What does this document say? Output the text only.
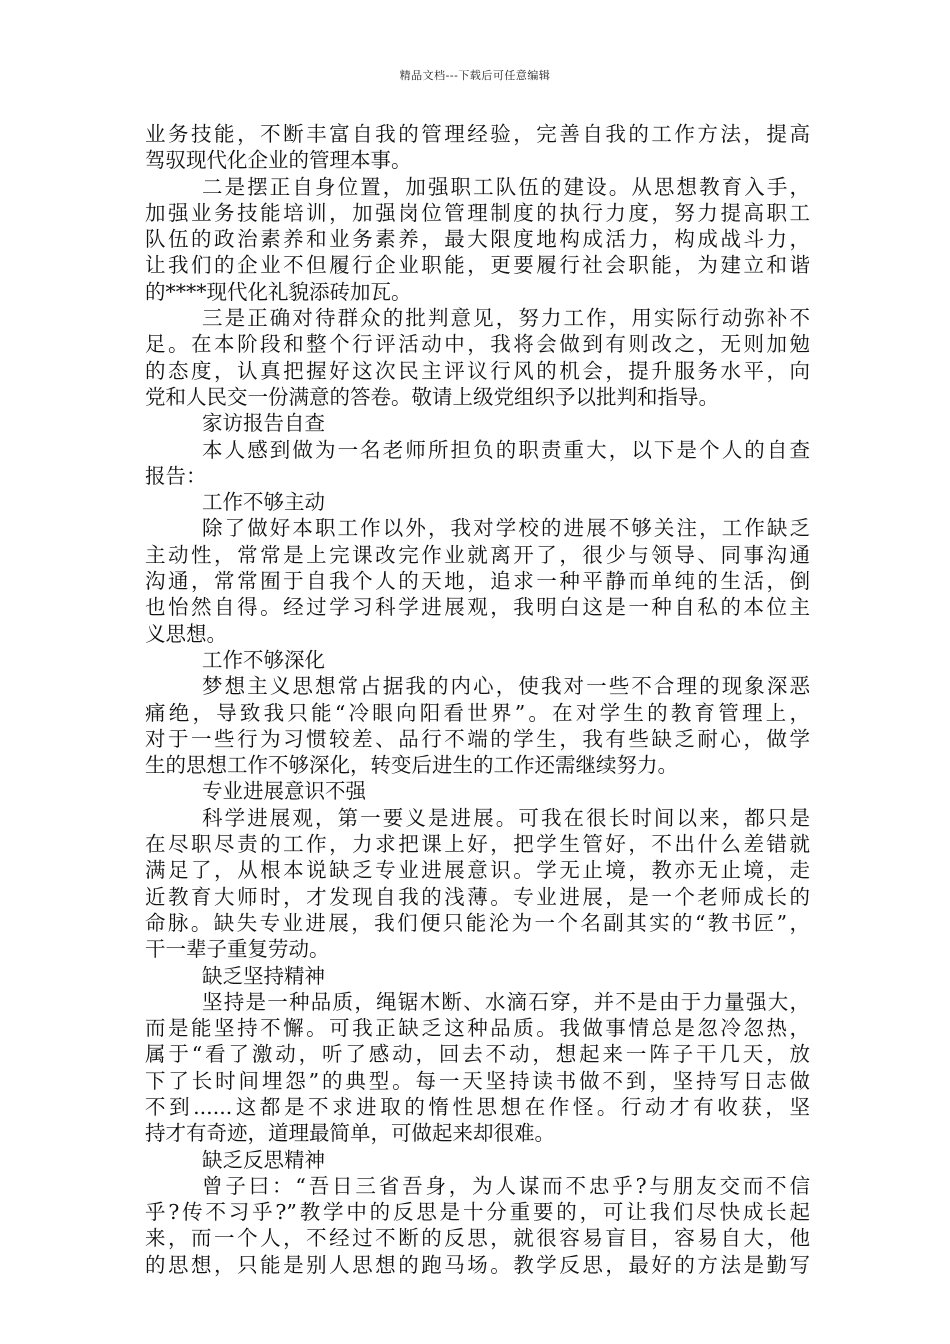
精品文档---下载后可任意编辑
业务技能，不断丰富自我的管理经验，完善自我的工作方法，提高
驾驭现代化企业的管理本事。
二是摆正自身位置，加强职工队伍的建设。从思想教育入手，
加强业务技能培训，加强岗位管理制度的执行力度，努力提高职工
队伍的政治素养和业务素养，最大限度地构成活力，构成战斗力，
让我们的企业不但履行企业职能，更要履行社会职能，为建立和谐
的****现代化礼貌添砖加瓦。
三是正确对待群众的批判意见，努力工作，用实际行动弥补不
足。在本阶段和整个行评活动中，我将会做到有则改之，无则加勉
的态度，认真把握好这次民主评议行风的机会，提升服务水平，向
党和人民交一份满意的答卷。敬请上级党组织予以批判和指导。
家访报告自查
本人感到做为一名老师所担负的职责重大，以下是个人的自查
报告：
工作不够主动
除了做好本职工作以外，我对学校的进展不够关注，工作缺乏
主动性，常常是上完课改完作业就离开了，很少与领导、同事沟通
沟通，常常囿于自我个人的天地，追求一种平静而单纯的生活，倒
也怡然自得。经过学习科学进展观，我明白这是一种自私的本位主
义思想。
工作不够深化
梦想主义思想常占据我的内心，使我对一些不合理的现象深恶
痛绝，导致我只能“冷眼向阳看世界”。在对学生的教育管理上，
对于一些行为习惯较差、品行不端的学生，我有些缺乏耐心，做学
生的思想工作不够深化，转变后进生的工作还需继续努力。
专业进展意识不强
科学进展观，第一要义是进展。可我在很长时间以来，都只是
在尽职尽责的工作，力求把课上好，把学生管好，不出什么差错就
满足了，从根本说缺乏专业进展意识。学无止境，教亦无止境，走
近教育大师时，才发现自我的浅薄。专业进展，是一个老师成长的
命脉。缺失专业进展，我们便只能沦为一个名副其实的“教书匠”，
干一辈子重复劳动。
缺乏坚持精神
坚持是一种品质，绳锯木断、水滴石穿，并不是由于力量强大，
而是能坚持不懈。可我正缺乏这种品质。我做事情总是忽冷忽热，
属于“看了激动，听了感动，回去不动，想起来一阵子干几天，放
下了长时间埋怨”的典型。每一天坚持读书做不到，坚持写日志做
不到......这都是不求进取的惰性思想在作怪。行动才有收获，坚
持才有奇迹，道理最简单，可做起来却很难。
缺乏反思精神
曾子曰：“吾日三省吾身，为人谋而不忠乎?与朋友交而不信
乎?传不习乎?”教学中的反思是十分重要的，可让我们尽快成长起
来，而一个人，不经过不断的反思，就很容易盲目，容易自大，他
的思想，只能是别人思想的跑马场。教学反思，最好的方法是勤写
